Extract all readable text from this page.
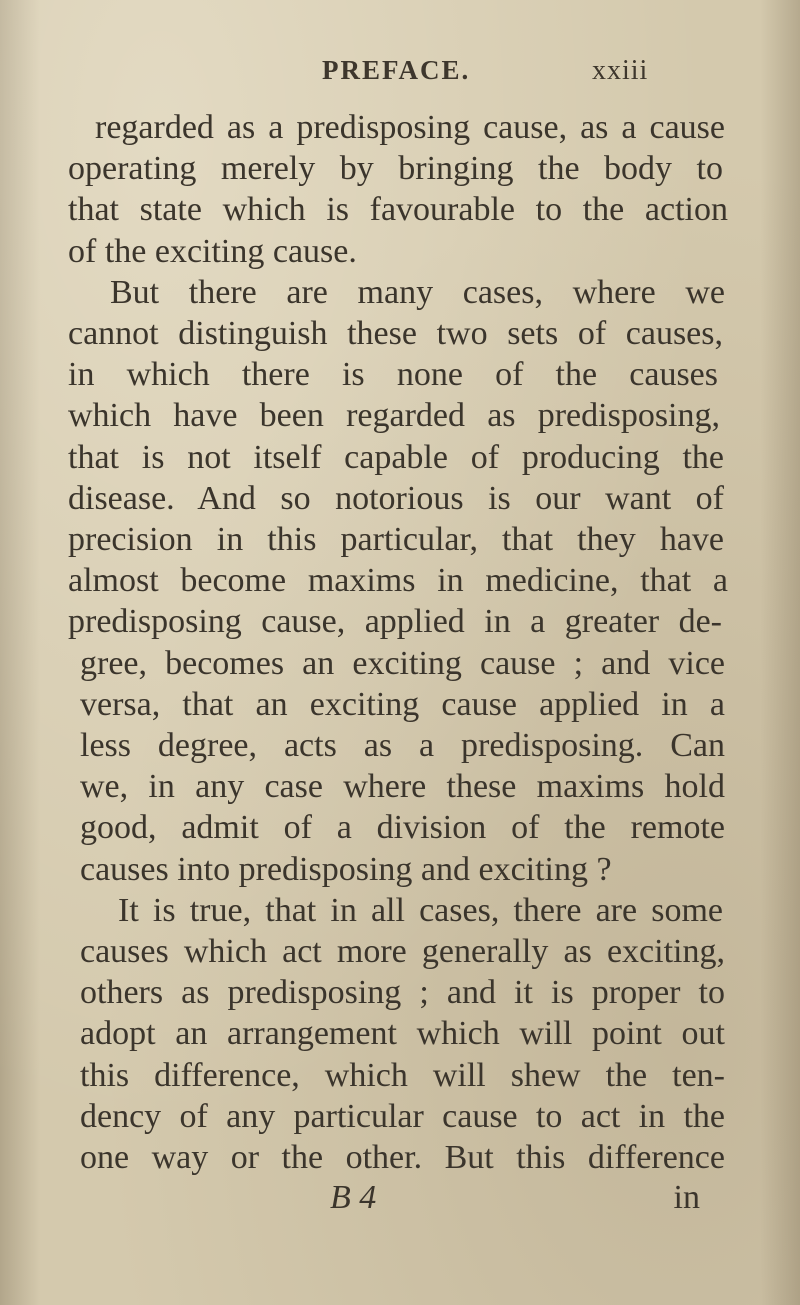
PREFACE.	xxiii
regarded as a predisposing cause, as a cause
operating merely by bringing the body to
that state which is favourable to the action
of the exciting cause.
But there are many cases, where we
cannot distinguish these two sets of causes,
in which there is none of the causes
which have been regarded as predisposing,
that is not itself capable of producing the
disease. And so notorious is our want of
precision in this particular, that they have
almost become maxims in medicine, that a
predisposing cause, applied in a greater de-
gree, becomes an exciting cause ; and vice
versa, that an exciting cause applied in a
less degree, acts as a predisposing. Can
we, in any case where these maxims hold
good, admit of a division of the remote
causes into predisposing and exciting ?
It is true, that in all cases, there are some
causes which act more generally as exciting,
others as predisposing ; and it is proper to
adopt an arrangement which will point out
this difference, which will shew the ten-
dency of any particular cause to act in the
one way or the other. But this difference
B 4	in
